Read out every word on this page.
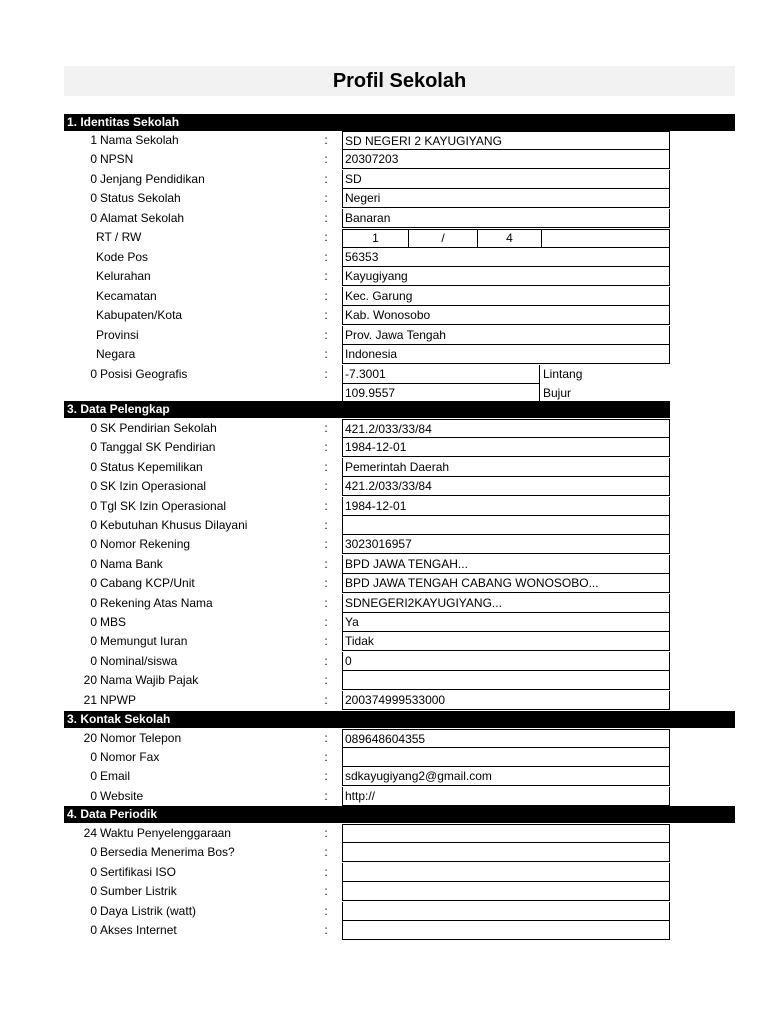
Profil Sekolah
1. Identitas Sekolah
3. Data Pelengkap
3. Kontak Sekolah
4. Data Periodik
1 Nama Sekolah	: SD NEGERI 2 KAYUGIYANG
0 NPSN	: 20307203
0 Jenjang Pendidikan	: SD
0 Status Sekolah	: Negeri
0 Alamat Sekolah	: Banaran
RT / RW	:	1	/	4
Kode Pos	: 56353
Kelurahan	: Kayugiyang
Kecamatan	: Kec. Garung
Kabupaten/Kota	: Kab. Wonosobo
Provinsi	: Prov. Jawa Tengah
Negara	: Indonesia
0 Posisi Geografis	: -7.3001	Lintang
109.9557	Bujur
0 SK Pendirian Sekolah	: 421.2/033/33/84
0 Tanggal SK Pendirian	: 1984-12-01
0 Status Kepemilikan	: Pemerintah Daerah
0 SK Izin Operasional	: 421.2/033/33/84
0 Tgl SK Izin Operasional	: 1984-12-01
0 Kebutuhan Khusus Dilayani	:
0 Nomor Rekening	: 3023016957
0 Nama Bank	: BPD JAWA TENGAH...
0 Cabang KCP/Unit	: BPD JAWA TENGAH CABANG WONOSOBO...
0 Rekening Atas Nama	: SDNEGERI2KAYUGIYANG...
0 MBS	: Ya
0 Memungut Iuran	: Tidak
0 Nominal/siswa	: 0
20 Nama Wajib Pajak	:
21 NPWP	: 200374999533000
20 Nomor Telepon	: 089648604355
0 Nomor Fax	:
0 Email	: sdkayugiyang2@gmail.com
0 Website	: http://
24 Waktu Penyelenggaraan	:
0 Bersedia Menerima Bos?	:
0 Sertifikasi ISO	:
0 Sumber Listrik	:
0 Daya Listrik (watt)	:
0 Akses Internet	:
